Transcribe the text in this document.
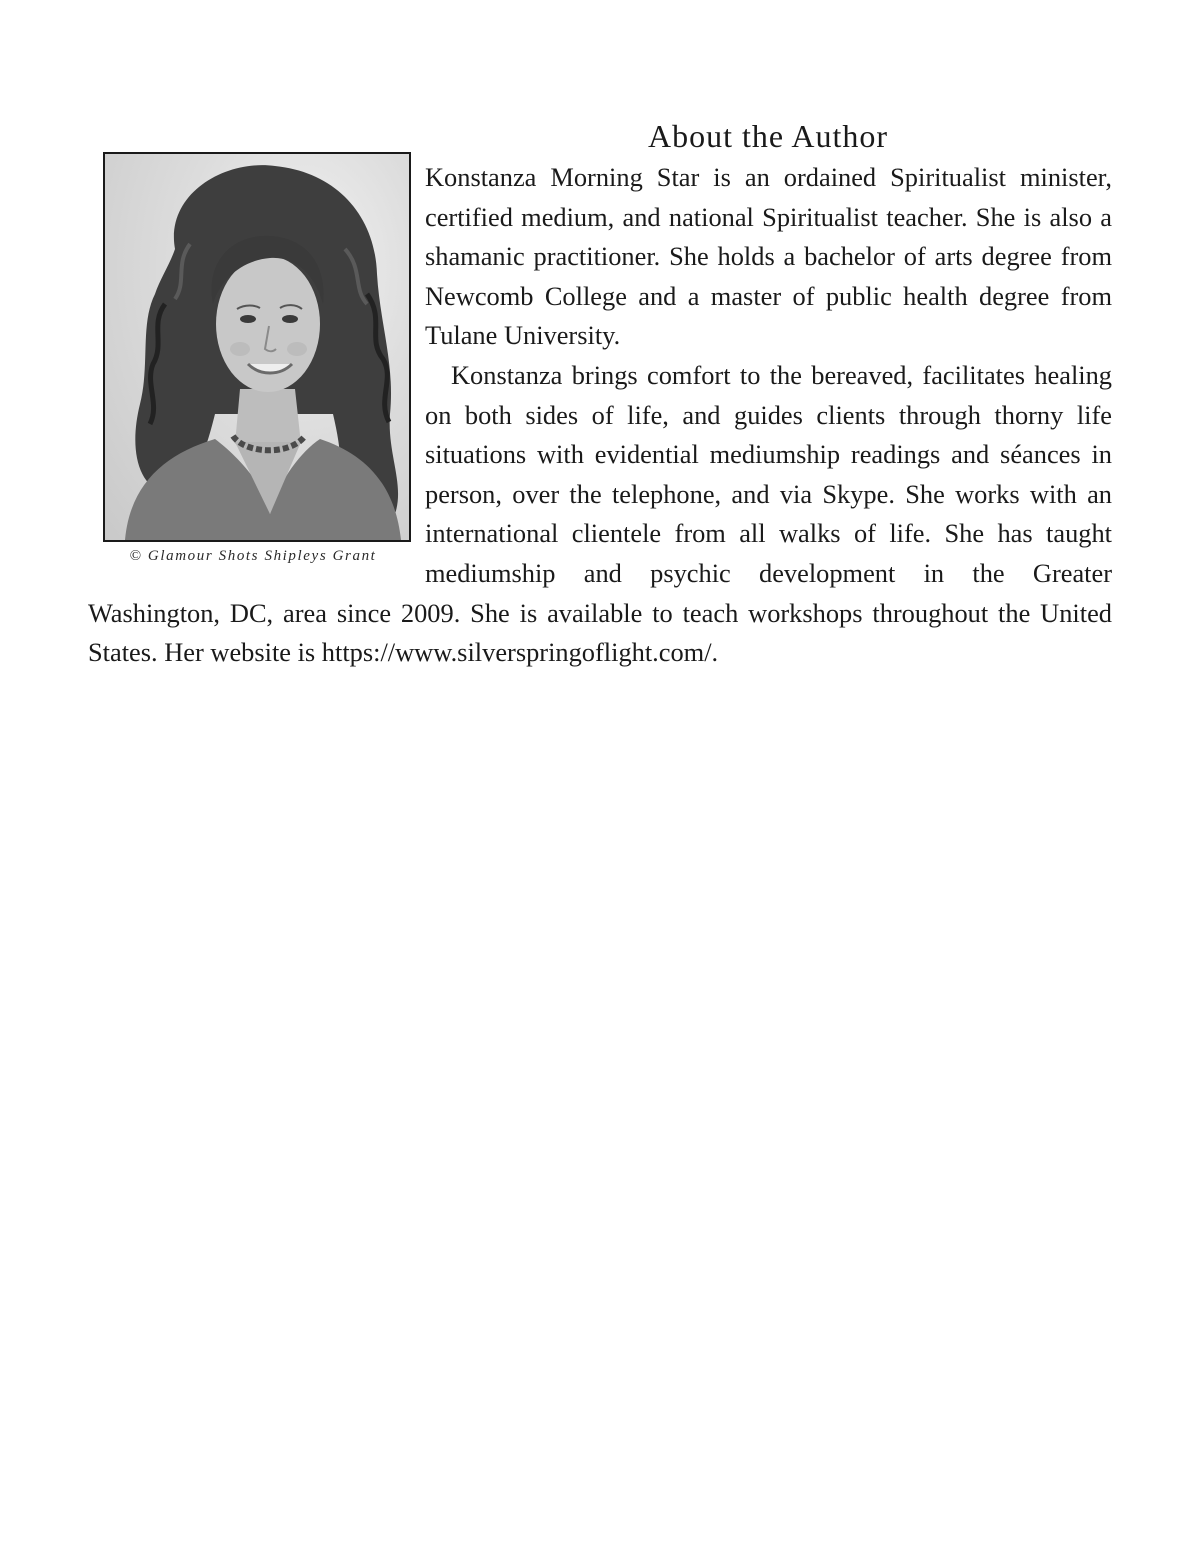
About the Author
© Glamour Shots Shipleys Grant

Konstanza Morning Star is an ordained Spiritualist minister, certified medium, and national Spiritualist teacher. She is also a shamanic practitioner. She holds a bachelor of arts degree from Newcomb College and a master of public health degree from Tulane University.

Konstanza brings comfort to the bereaved, facilitates healing on both sides of life, and guides clients through thorny life situations with evidential mediumship readings and séances in person, over the telephone, and via Skype. She works with an international clientele from all walks of life. She has taught mediumship and psychic development in the Greater Washington, DC, area since 2009. She is available to teach workshops throughout the United States. Her website is https://www.silverspringoflight.com/.
